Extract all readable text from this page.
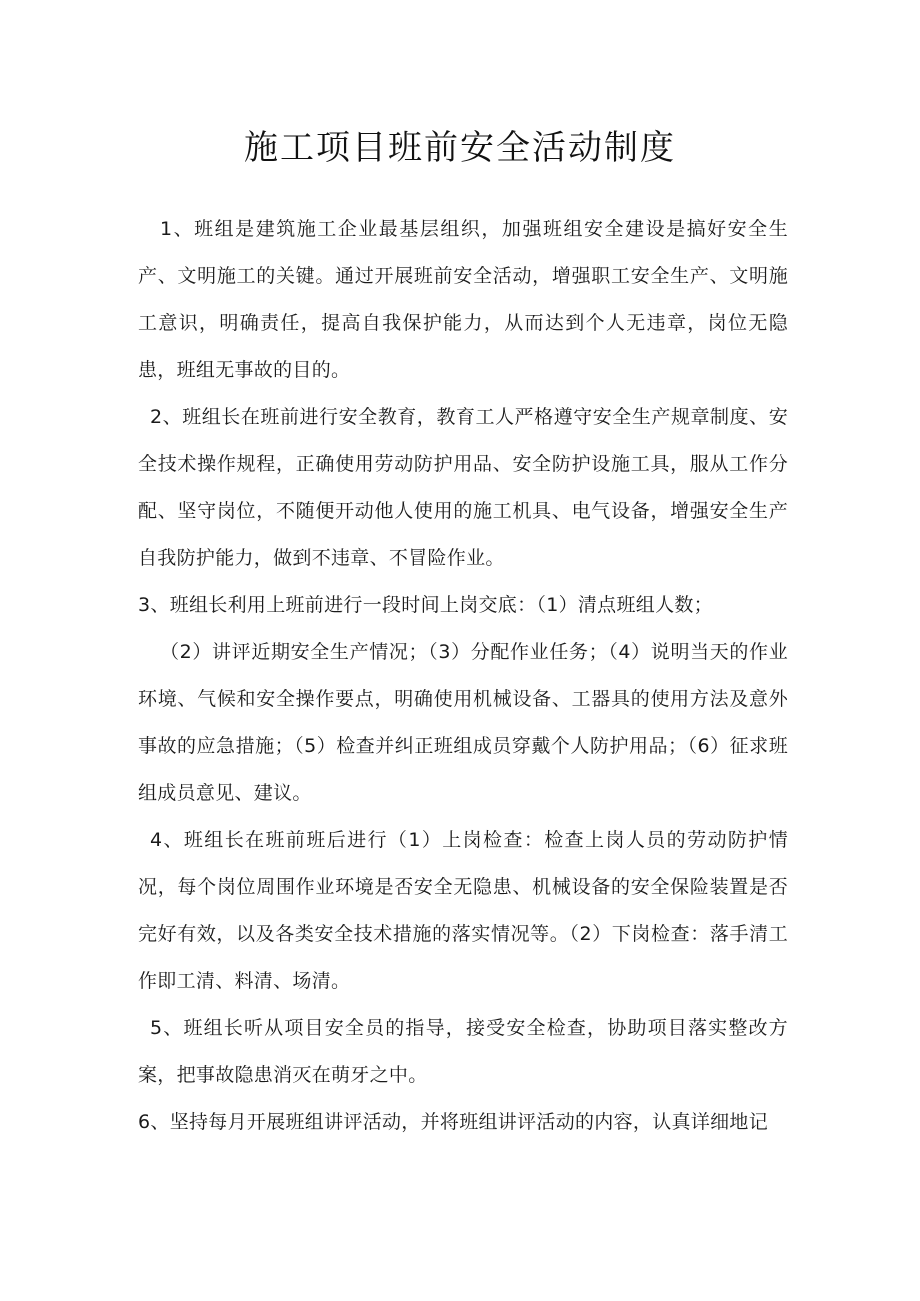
施工项目班前安全活动制度

1、班组是建筑施工企业最基层组织，加强班组安全建设是搞好安全生产、文明施工的关键。通过开展班前安全活动，增强职工安全生产、文明施工意识，明确责任，提高自我保护能力，从而达到个人无违章，岗位无隐患，班组无事故的目的。

2、班组长在班前进行安全教育，教育工人严格遵守安全生产规章制度、安全技术操作规程，正确使用劳动防护用品、安全防护设施工具，服从工作分配、坚守岗位，不随便开动他人使用的施工机具、电气设备，增强安全生产自我防护能力，做到不违章、不冒险作业。

3、班组长利用上班前进行一段时间上岗交底：（1）清点班组人数；

（2）讲评近期安全生产情况；（3）分配作业任务；（4）说明当天的作业环境、气候和安全操作要点，明确使用机械设备、工器具的使用方法及意外事故的应急措施；（5）检查并纠正班组成员穿戴个人防护用品；（6）征求班组成员意见、建议。

4、班组长在班前班后进行（1）上岗检查：检查上岗人员的劳动防护情况，每个岗位周围作业环境是否安全无隐患、机械设备的安全保险装置是否完好有效，以及各类安全技术措施的落实情况等。（2）下岗检查：落手清工作即工清、料清、场清。

5、班组长听从项目安全员的指导，接受安全检查，协助项目落实整改方案，把事故隐患消灭在萌牙之中。

6、坚持每月开展班组讲评活动，并将班组讲评活动的内容，认真详细地记
